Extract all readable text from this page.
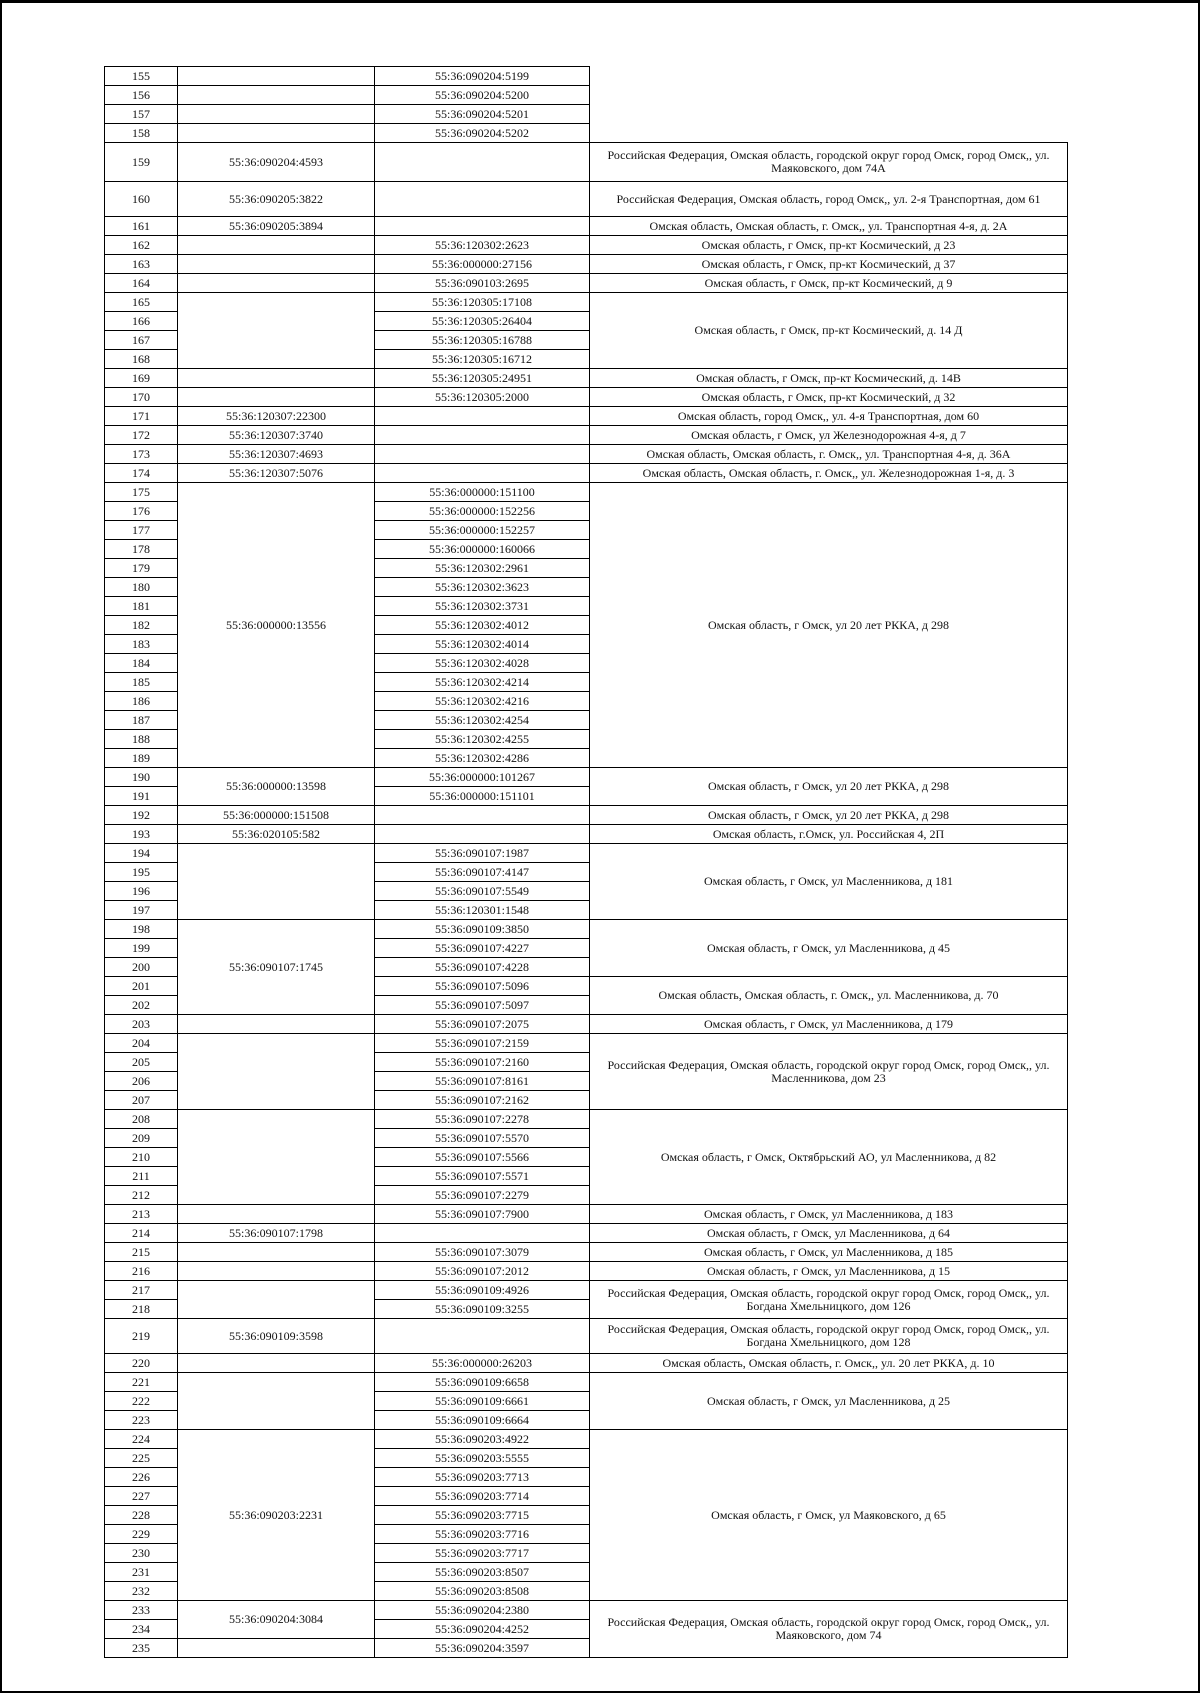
155		55:36:090204:5199	
156		55:36:090204:5200	
157		55:36:090204:5201	
158		55:36:090204:5202	
159	55:36:090204:4593		Российская Федерация, Омская область, городской округ город Омск, город Омск,, ул. Маяковского, дом 74А
160	55:36:090205:3822		Российская Федерация, Омская область, город Омск,, ул. 2-я Транспортная, дом 61
161	55:36:090205:3894		Омская область, Омская область, г. Омск,, ул. Транспортная 4-я, д. 2А
162		55:36:120302:2623	Омская область, г Омск, пр-кт Космический, д 23
163		55:36:000000:27156	Омская область, г Омск, пр-кт Космический, д 37
164		55:36:090103:2695	Омская область, г Омск, пр-кт Космический, д 9
165		55:36:120305:17108	Омская область, г Омск, пр-кт Космический, д. 14 Д
166		55:36:120305:26404	
167		55:36:120305:16788	
168		55:36:120305:16712	
169		55:36:120305:24951	Омская область, г Омск, пр-кт Космический, д. 14В
170		55:36:120305:2000	Омская область, г Омск, пр-кт Космический, д 32
171	55:36:120307:22300		Омская область, город Омск,, ул. 4-я Транспортная, дом 60
172	55:36:120307:3740		Омская область, г Омск, ул Железнодорожная 4-я, д 7
173	55:36:120307:4693		Омская область, Омская область, г. Омск,, ул. Транспортная 4-я, д. 36А
174	55:36:120307:5076		Омская область, Омская область, г. Омск,, ул. Железнодорожная 1-я, д. 3
175	55:36:000000:13556	55:36:000000:151100	Омская область, г Омск, ул 20 лет РККА, д 298
176		55:36:000000:152256	
177		55:36:000000:152257	
178		55:36:000000:160066	
179		55:36:120302:2961	
180		55:36:120302:3623	
181		55:36:120302:3731	
182		55:36:120302:4012	
183		55:36:120302:4014	
184		55:36:120302:4028	
185		55:36:120302:4214	
186		55:36:120302:4216	
187		55:36:120302:4254	
188		55:36:120302:4255	
189		55:36:120302:4286	
190	55:36:000000:13598	55:36:000000:101267	Омская область, г Омск, ул 20 лет РККА, д 298
191		55:36:000000:151101	
192	55:36:000000:151508		Омская область, г Омск, ул 20 лет РККА, д 298
193	55:36:020105:582		Омская область, г.Омск, ул. Российская 4, 2П
194		55:36:090107:1987	Омская область, г Омск, ул Масленникова, д 181
195		55:36:090107:4147	
196		55:36:090107:5549	
197		55:36:120301:1548	
198	55:36:090107:1745	55:36:090109:3850	Омская область, г Омск, ул Масленникова, д 45
199		55:36:090107:4227	
200		55:36:090107:4228	
201		55:36:090107:5096	Омская область, Омская область, г. Омск,, ул. Масленникова, д. 70
202		55:36:090107:5097	
203		55:36:090107:2075	Омская область, г Омск, ул Масленникова, д 179
204		55:36:090107:2159	Российская Федерация, Омская область, городской округ город Омск, город Омск,, ул. Масленникова, дом 23
205		55:36:090107:2160	
206		55:36:090107:8161	
207		55:36:090107:2162	
208		55:36:090107:2278	Омская область, г Омск, Октябрьский АО, ул Масленникова, д 82
209		55:36:090107:5570	
210		55:36:090107:5566	
211		55:36:090107:5571	
212		55:36:090107:2279	
213		55:36:090107:7900	Омская область, г Омск, ул Масленникова, д 183
214	55:36:090107:1798		Омская область, г Омск, ул Масленникова, д 64
215		55:36:090107:3079	Омская область, г Омск, ул Масленникова, д 185
216		55:36:090107:2012	Омская область, г Омск, ул Масленникова, д 15
217		55:36:090109:4926	Российская Федерация, Омская область, городской округ город Омск, город Омск,, ул. Богдана Хмельницкого, дом 126
218		55:36:090109:3255	
219	55:36:090109:3598		Российская Федерация, Омская область, городской округ город Омск, город Омск,, ул. Богдана Хмельницкого, дом 128
220		55:36:000000:26203	Омская область, Омская область, г. Омск,, ул. 20 лет РККА, д. 10
221		55:36:090109:6658	Омская область, г Омск, ул Масленникова, д 25
222		55:36:090109:6661	
223		55:36:090109:6664	
224	55:36:090203:2231	55:36:090203:4922	Омская область, г Омск, ул Маяковского, д 65
225		55:36:090203:5555	
226		55:36:090203:7713	
227		55:36:090203:7714	
228		55:36:090203:7715	
229		55:36:090203:7716	
230		55:36:090203:7717	
231		55:36:090203:8507	
232		55:36:090203:8508	
233	55:36:090204:3084	55:36:090204:2380	Российская Федерация, Омская область, городской округ город Омск, город Омск,, ул. Маяковского, дом 74
234		55:36:090204:4252	
235		55:36:090204:3597	
